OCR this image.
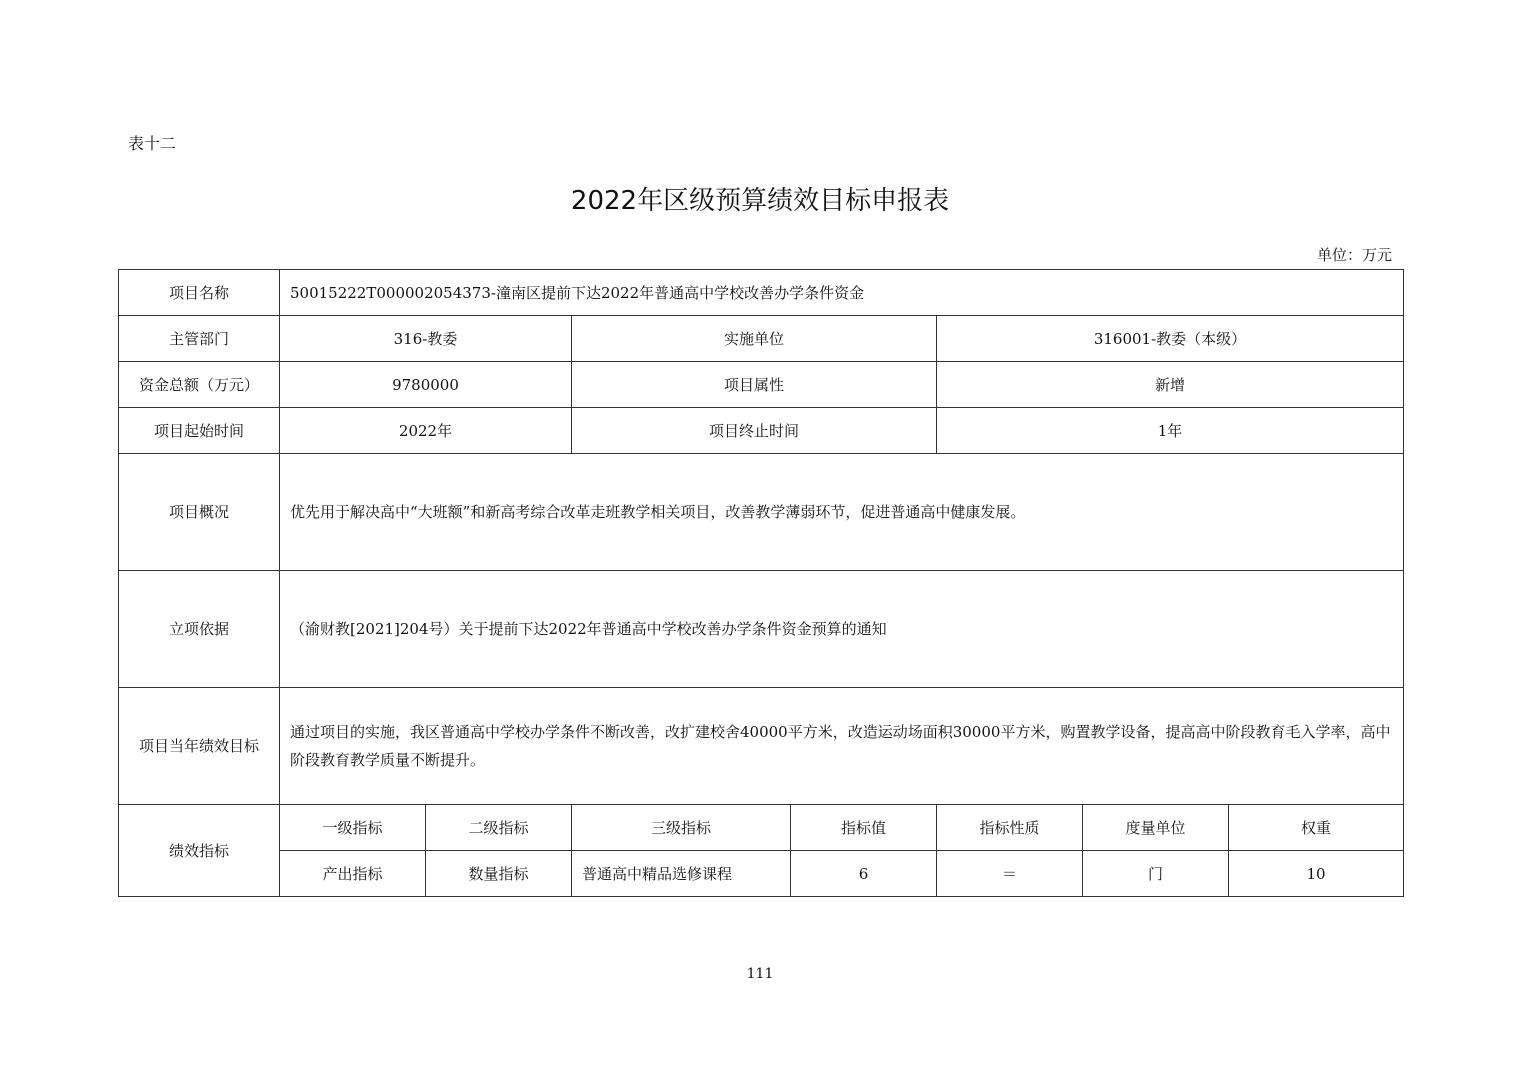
表十二
2022年区级预算绩效目标申报表
单位：万元
项目名称	50015222T000002054373-潼南区提前下达2022年普通高中学校改善办学条件资金						
主管部门	316-教委		实施单位		316001-教委（本级）		
资金总额（万元）	9780000		项目属性		新增		
项目起始时间	2022年		项目终止时间		1年		
项目概况	优先用于解决高中“大班额”和新高考综合改革走班教学相关项目，改善教学薄弱环节，促进普通高中健康发展。						
立项依据	（渝财教[2021]204号）关于提前下达2022年普通高中学校改善办学条件资金预算的通知						
项目当年绩效目标	通过项目的实施，我区普通高中学校办学条件不断改善，改扩建校舍40000平方米，改造运动场面积30000平方米，购置教学设备，提高高中阶段教育毛入学率，高中阶段教育教学质量不断提升。						
绩效指标	一级指标	二级指标	三级指标	指标值	指标性质	度量单位	权重
	产出指标	数量指标	普通高中精品选修课程	6	＝	门	10
111
